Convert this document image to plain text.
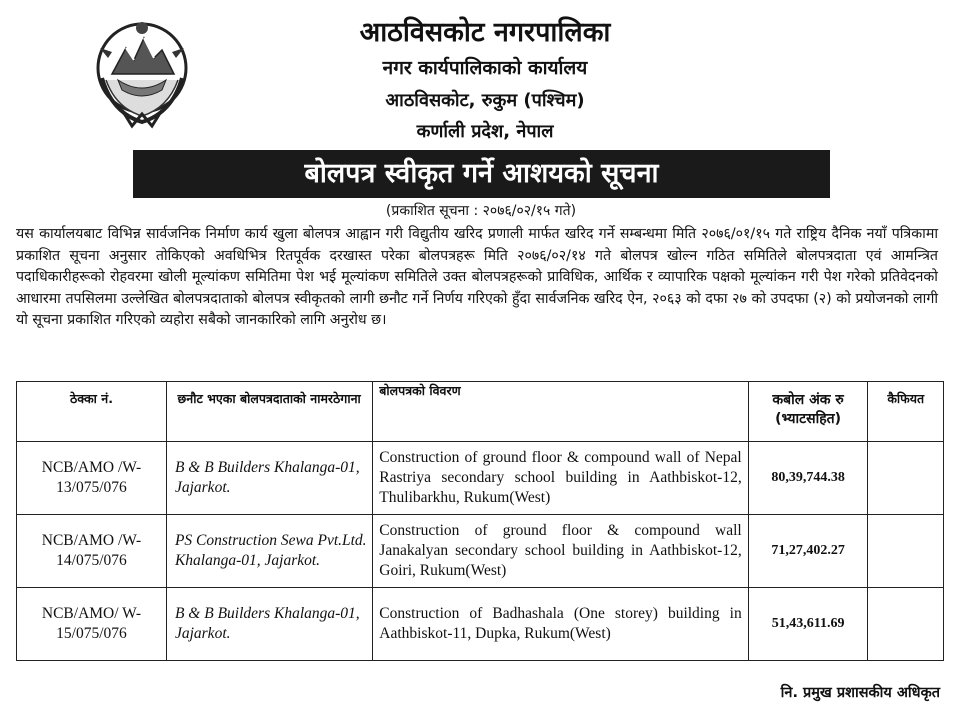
आठविसकोट नगरपालिका
नगर कार्यपालिकाको कार्यालय
आठविसकोट, रुकुम (पश्चिम)
कर्णाली प्रदेश, नेपाल
बोलपत्र स्वीकृत गर्ने आशयको सूचना
(प्रकाशित सूचना : २०७६/०२/१५ गते)
यस कार्यालयबाट विभिन्न सार्वजनिक निर्माण कार्य खुला बोलपत्र आह्वान गरी विद्युतीय खरिद प्रणाली मार्फत खरिद गर्ने सम्बन्धमा मिति २०७६/०१/१५ गते राष्ट्रिय दैनिक नयाँ पत्रिकामा प्रकाशित सूचना अनुसार तोकिएको अवधिभित्र रितपूर्वक दरखास्त परेका बोलपत्रहरू मिति २०७६/०२/१४ गते बोलपत्र खोल्न गठित समितिले बोलपत्रदाता एवं आमन्त्रित पदाधिकारीहरूको रोहवरमा खोली मूल्यांकण समितिमा पेश भई मूल्यांकण समितिले उक्त बोलपत्रहरूको प्राविधिक, आर्थिक र व्यापारिक पक्षको मूल्यांकन गरी पेश गरेको प्रतिवेदनको आधारमा तपसिलमा उल्लेखित बोलपत्रदाताको बोलपत्र स्वीकृतको लागी छनौट गर्ने निर्णय गरिएको हुँदा सार्वजनिक खरिद ऐन, २०६३ को दफा २७ को उपदफा (२) को प्रयोजनको लागी यो सूचना प्रकाशित गरिएको व्यहोरा सबैको जानकारिको लागि अनुरोध छ।
ठेक्का नं.	छनौट भएका बोलपत्रदाताको नामरठेगाना	बोलपत्रको विवरण	कबोल अंक रु (भ्याटसहित)	कैफियत
NCB/AMO /W-13/075/076	B & B Builders Khalanga-01, Jajarkot.	Construction of ground floor & compound wall of Nepal Rastriya secondary school building in Aathbiskot-12, Thulibarkhu, Rukum(West)	80,39,744.38	
NCB/AMO /W-14/075/076	PS Construction Sewa Pvt.Ltd. Khalanga-01, Jajarkot.	Construction of ground floor & compound wall Janakalyan secondary school building in Aathbiskot-12, Goiri, Rukum(West)	71,27,402.27	
NCB/AMO/ W-15/075/076	B & B Builders Khalanga-01, Jajarkot.	Construction of Badhashala (One storey) building in Aathbiskot-11, Dupka, Rukum(West)	51,43,611.69	
नि. प्रमुख प्रशासकीय अधिकृत
